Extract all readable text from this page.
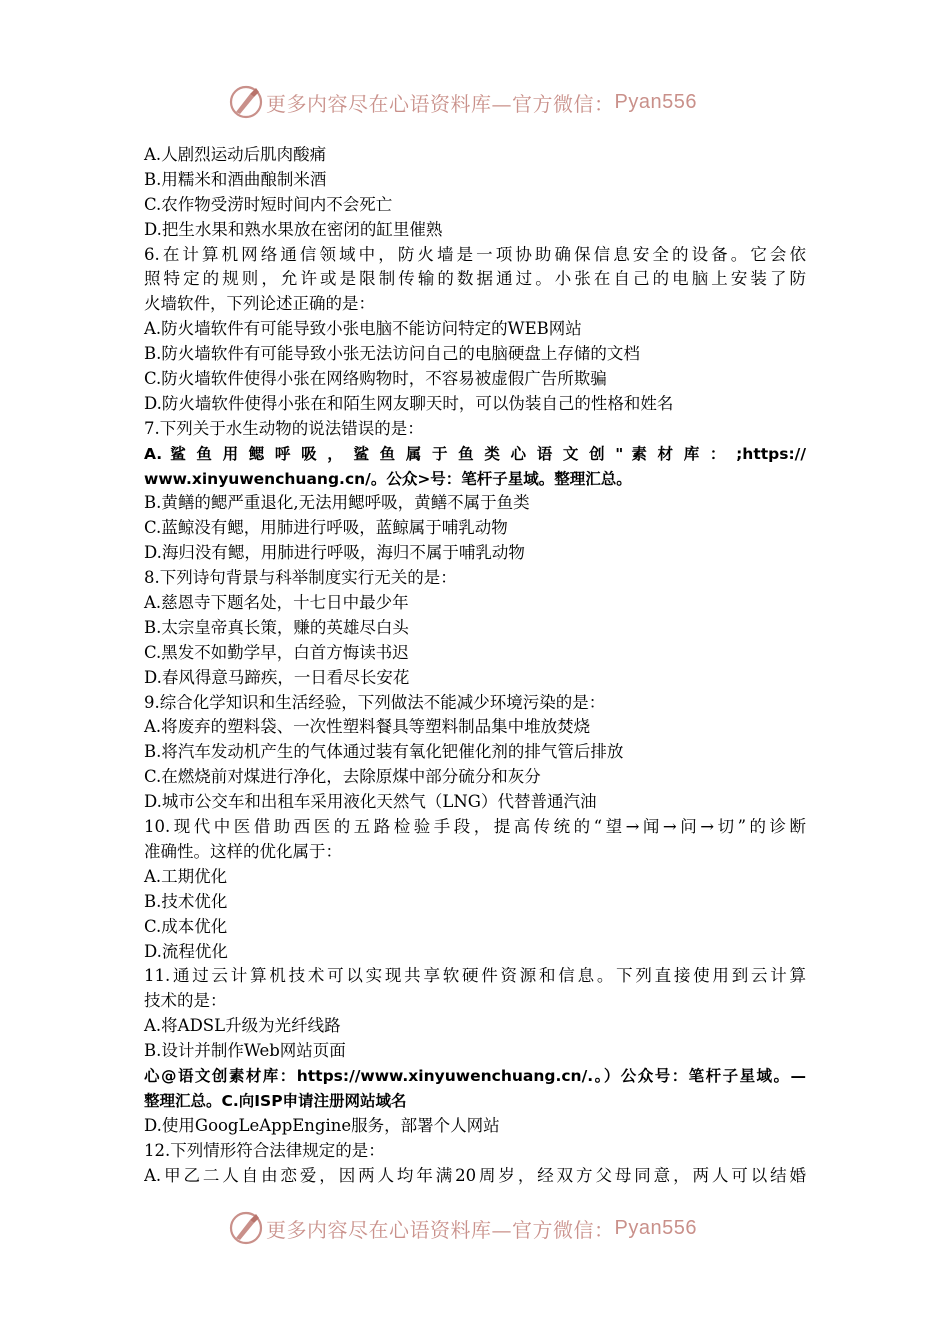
更多内容尽在心语资料库—官方微信： Pyan556
A.人剧烈运动后肌肉酸痛
B.用糯米和酒曲酿制米酒
C.农作物受涝时短时间内不会死亡
D.把生水果和熟水果放在密闭的缸里催熟
6.在计算机网络通信领域中，防火墙是一项协助确保信息安全的设备。它会依
照特定的规则，允许或是限制传输的数据通过。小张在自己的电脑上安装了防
火墙软件，下列论述正确的是：
A.防火墙软件有可能导致小张电脑不能访问特定的WEB网站
B.防火墙软件有可能导致小张无法访问自己的电脑硬盘上存储的文档
C.防火墙软件使得小张在网络购物时，不容易被虚假广告所欺骗
D.防火墙软件使得小张在和陌生网友聊天时，可以伪装自己的性格和姓名
7.下列关于水生动物的说法错误的是：
A. 鲨 鱼 用 鳃 呼 吸 ， 鲨 鱼 属 于 鱼 类 心 语 文 创 " 素 材 库 ： ;https://
www.xinyuwenchuang.cn/。公众>号：笔杆子星域。整理汇总。
B.黄鳝的鳃严重退化,无法用鳃呼吸，黄鳝不属于鱼类
C.蓝鲸没有鳃，用肺进行呼吸，蓝鲸属于哺乳动物
D.海归没有鳃，用肺进行呼吸，海归不属于哺乳动物
8.下列诗句背景与科举制度实行无关的是：
A.慈恩寺下题名处，十七日中最少年
B.太宗皇帝真长策，赚的英雄尽白头
C.黑发不如勤学早，白首方悔读书迟
D.春风得意马蹄疾，一日看尽长安花
9.综合化学知识和生活经验，下列做法不能减少环境污染的是：
A.将废弃的塑料袋、一次性塑料餐具等塑料制品集中堆放焚烧
B.将汽车发动机产生的气体通过装有氧化钯催化剂的排气管后排放
C.在燃烧前对煤进行净化，去除原煤中部分硫分和灰分
D.城市公交车和出租车采用液化天然气（LNG）代替普通汽油
10.现代中医借助西医的五路检验手段，提高传统的“望→闻→问→切”的诊断
准确性。这样的优化属于：
A.工期优化
B.技术优化
C.成本优化
D.流程优化
11.通过云计算机技术可以实现共享软硬件资源和信息。下列直接使用到云计算
技术的是：
A.将ADSL升级为光纤线路
B.设计并制作Web网站页面
心@语文创素材库：https://www.xinyuwenchuang.cn/.。）公众号：笔杆子星域。—
整理汇总。C.向ISP申请注册网站域名
D.使用GoogLeAppEngine服务，部署个人网站
12.下列情形符合法律规定的是：
A.甲乙二人自由恋爱，因两人均年满20周岁，经双方父母同意，两人可以结婚
更多内容尽在心语资料库—官方微信： Pyan556
